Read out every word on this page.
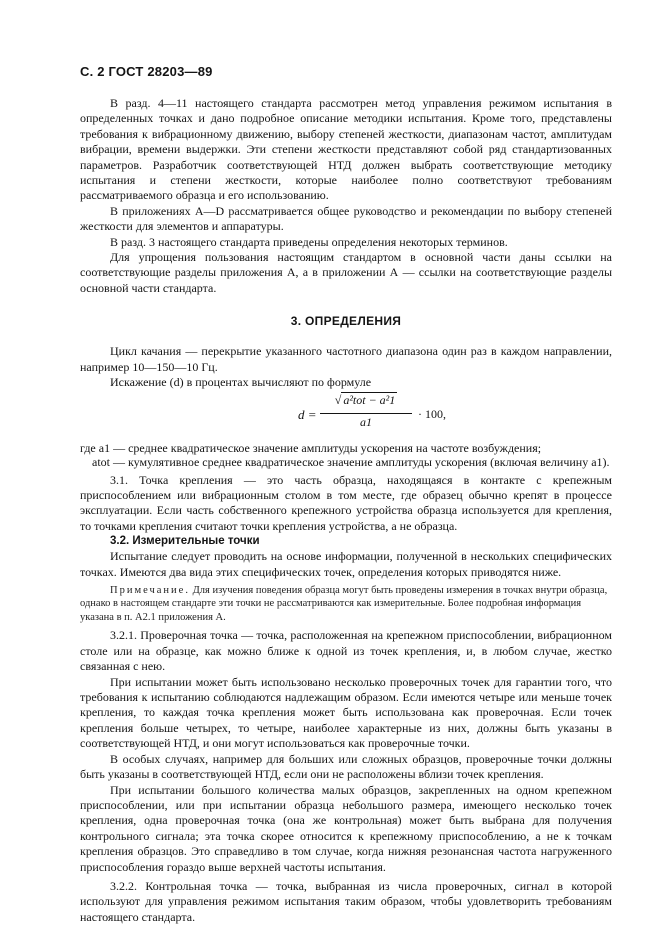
С. 2 ГОСТ 28203—89

В разд. 4—11 настоящего стандарта рассмотрен метод управления режимом испытания в определенных точках и дано подробное описание методики испытания. Кроме того, представлены требования к вибрационному движению, выбору степеней жесткости, диапазонам частот, амплитудам вибрации, времени выдержки. Эти степени жесткости представляют собой ряд стандартизованных параметров. Разработчик соответствующей НТД должен выбрать соответствующие методику испытания и степени жесткости, которые наиболее полно соответствуют требованиям рассматриваемого образца и его использованию.

В приложениях А—D рассматривается общее руководство и рекомендации по выбору степеней жесткости для элементов и аппаратуры.

В разд. 3 настоящего стандарта приведены определения некоторых терминов.

Для упрощения пользования настоящим стандартом в основной части даны ссылки на соответствующие разделы приложения А, а в приложении А — ссылки на соответствующие разделы основной части стандарта.

3. ОПРЕДЕЛЕНИЯ

Цикл качания — перекрытие указанного частотного диапазона один раз в каждом направлении, например 10—150—10 Гц.

Искажение (d) в процентах вычисляют по формуле

d =
√ a²tot − a²1
a1
· 100,
где a1 — среднее квадратическое значение амплитуды ускорения на частоте возбуждения;
atot — кумулятивное среднее квадратическое значение амплитуды ускорения (включая величину a1).

3.1. Точка крепления — это часть образца, находящаяся в контакте с крепежным приспособлением или вибрационным столом в том месте, где образец обычно крепят в процессе эксплуатации. Если часть собственного крепежного устройства образца используется для крепления, то точками крепления считают точки крепления устройства, а не образца.

3.2. Измерительные точки

Испытание следует проводить на основе информации, полученной в нескольких специфических точках. Имеются два вида этих специфических точек, определения которых приводятся ниже.

Примечание. Для изучения поведения образца могут быть проведены измерения в точках внутри образца, однако в настоящем стандарте эти точки не рассматриваются как измерительные. Более подробная информация указана в п. А2.1 приложения А.

3.2.1. Проверочная точка — точка, расположенная на крепежном приспособлении, вибрационном столе или на образце, как можно ближе к одной из точек крепления, и, в любом случае, жестко связанная с нею.

При испытании может быть использовано несколько проверочных точек для гарантии того, что требования к испытанию соблюдаются надлежащим образом. Если имеются четыре или меньше точек крепления, то каждая точка крепления может быть использована как проверочная. Если точек крепления больше четырех, то четыре, наиболее характерные из них, должны быть указаны в соответствующей НТД, и они могут использоваться как проверочные точки.

В особых случаях, например для больших или сложных образцов, проверочные точки должны быть указаны в соответствующей НТД, если они не расположены вблизи точек крепления.

При испытании большого количества малых образцов, закрепленных на одном крепежном приспособлении, или при испытании образца небольшого размера, имеющего несколько точек крепления, одна проверочная точка (она же контрольная) может быть выбрана для получения контрольного сигнала; эта точка скорее относится к крепежному приспособлению, а не к точкам крепления образцов. Это справедливо в том случае, когда нижняя резонансная частота нагруженного приспособления гораздо выше верхней частоты испытания.

3.2.2. Контрольная точка — точка, выбранная из числа проверочных, сигнал в которой используют для управления режимом испытания таким образом, чтобы удовлетворить требованиям настоящего стандарта.
